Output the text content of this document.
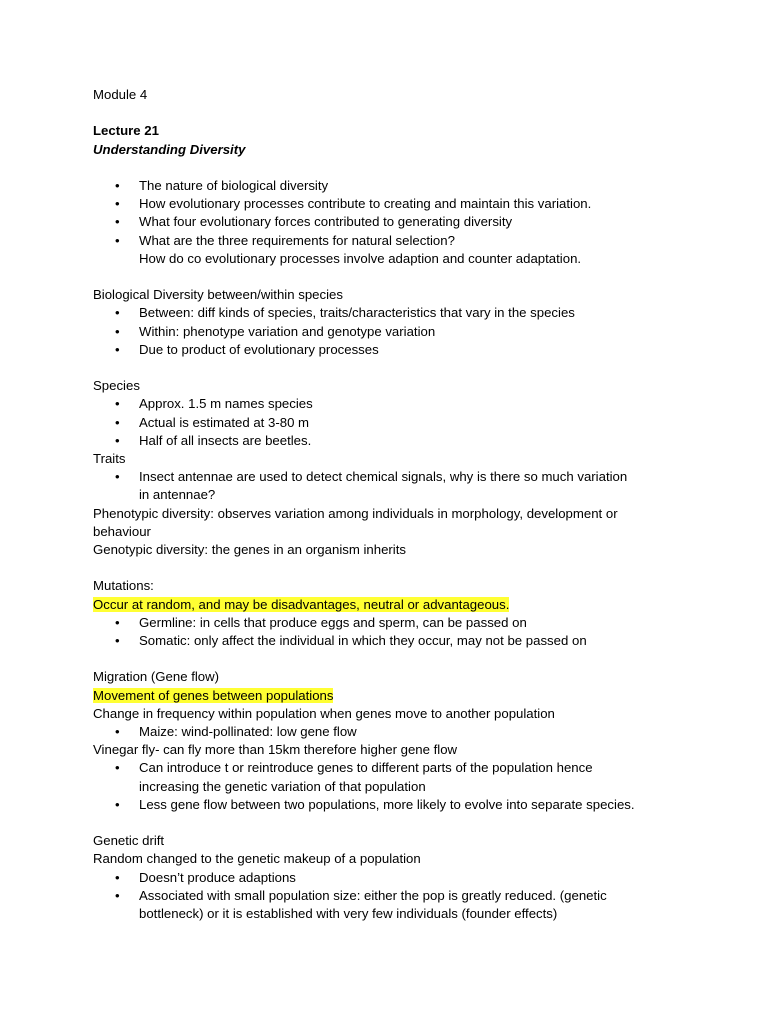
Module 4
Lecture 21
Understanding Diversity
• The nature of biological diversity
• How evolutionary processes contribute to creating and maintain this variation.
• What four evolutionary forces contributed to generating diversity
• What are the three requirements for natural selection?
How do co evolutionary processes involve adaption and counter adaptation.
Biological Diversity between/within species
• Between: diff kinds of species, traits/characteristics that vary in the species
• Within: phenotype variation and genotype variation
• Due to product of evolutionary processes
Species
• Approx. 1.5 m names species
• Actual is estimated at 3-80 m
• Half of all insects are beetles.
Traits
• Insect antennae are used to detect chemical signals, why is there so much variation
in antennae?
Phenotypic diversity: observes variation among individuals in morphology, development or
behaviour
Genotypic diversity: the genes in an organism inherits
Mutations:
Occur at random, and may be disadvantages, neutral or advantageous.
• Germline: in cells that produce eggs and sperm, can be passed on
• Somatic: only affect the individual in which they occur, may not be passed on
Migration (Gene flow)
Movement of genes between populations
Change in frequency within population when genes move to another population
• Maize: wind-pollinated: low gene flow
Vinegar fly- can fly more than 15km therefore higher gene flow
• Can introduce t or reintroduce genes to different parts of the population hence
increasing the genetic variation of that population
• Less gene flow between two populations, more likely to evolve into separate species.
Genetic drift
Random changed to the genetic makeup of a population
• Doesn’t produce adaptions
• Associated with small population size: either the pop is greatly reduced. (genetic
bottleneck) or it is established with very few individuals (founder effects)
